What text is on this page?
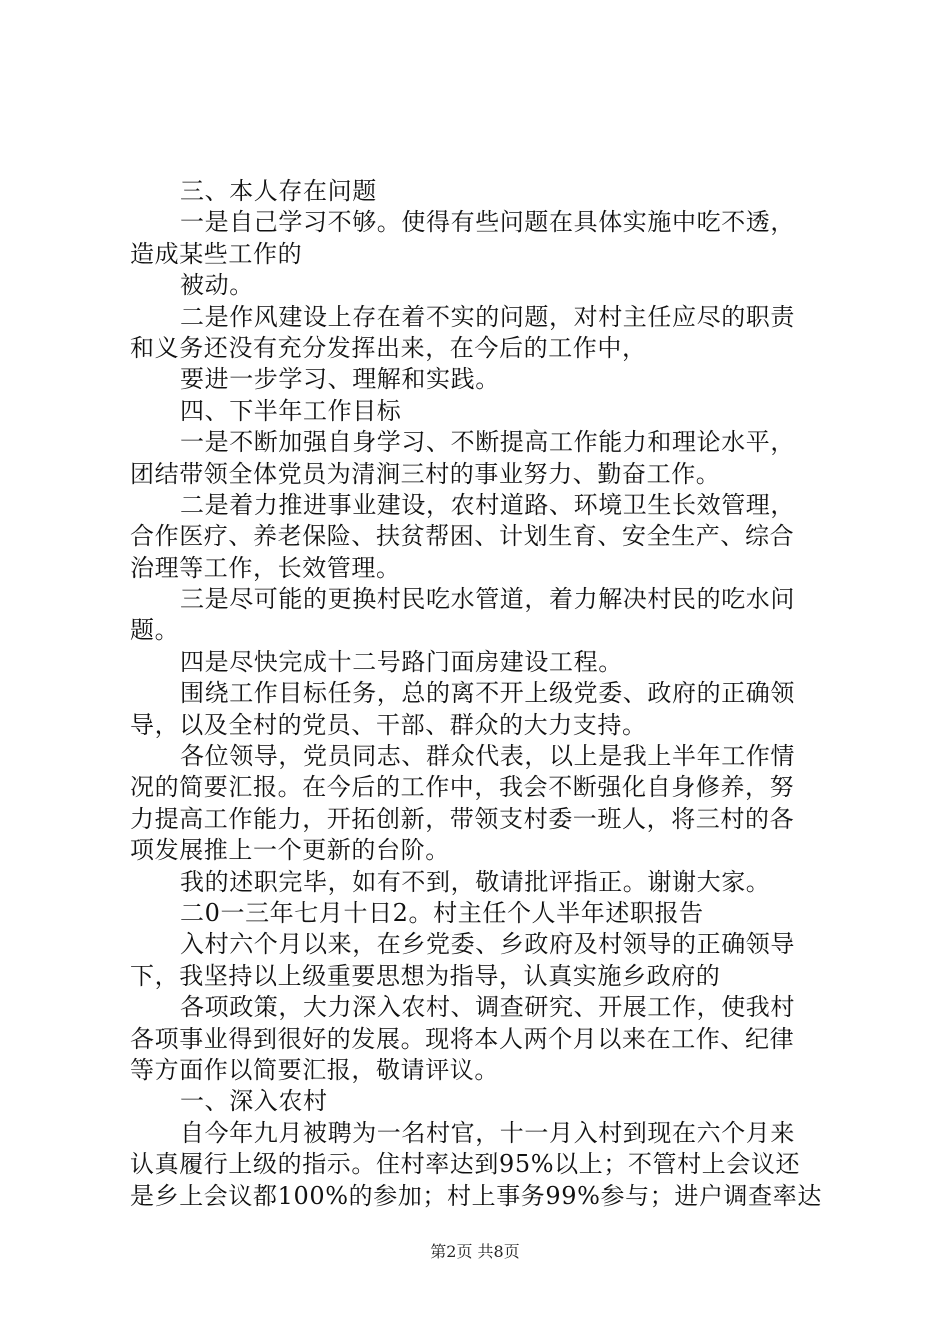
三、本人存在问题
一是自己学习不够。使得有些问题在具体实施中吃不透，
造成某些工作的
被动。
二是作风建设上存在着不实的问题，对村主任应尽的职责
和义务还没有充分发挥出来，在今后的工作中，
要进一步学习、理解和实践。
四、下半年工作目标
一是不断加强自身学习、不断提高工作能力和理论水平，
团结带领全体党员为清涧三村的事业努力、勤奋工作。
二是着力推进事业建设，农村道路、环境卫生长效管理，
合作医疗、养老保险、扶贫帮困、计划生育、安全生产、综合
治理等工作，长效管理。
三是尽可能的更换村民吃水管道，着力解决村民的吃水问
题。
四是尽快完成十二号路门面房建设工程。
围绕工作目标任务，总的离不开上级党委、政府的正确领
导，以及全村的党员、干部、群众的大力支持。
各位领导，党员同志、群众代表，以上是我上半年工作情
况的简要汇报。在今后的工作中，我会不断强化自身修养，努
力提高工作能力，开拓创新，带领支村委一班人，将三村的各
项发展推上一个更新的台阶。
我的述职完毕，如有不到，敬请批评指正。谢谢大家。
二0一三年七月十日2。村主任个人半年述职报告
入村六个月以来，在乡党委、乡政府及村领导的正确领导
下，我坚持以上级重要思想为指导，认真实施乡政府的
各项政策，大力深入农村、调查研究、开展工作，使我村
各项事业得到很好的发展。现将本人两个月以来在工作、纪律
等方面作以简要汇报，敬请评议。
一、深入农村
自今年九月被聘为一名村官，十一月入村到现在六个月来
认真履行上级的指示。住村率达到95%以上；不管村上会议还
是乡上会议都100%的参加；村上事务99%参与；进户调查率达
第2页 共8页
